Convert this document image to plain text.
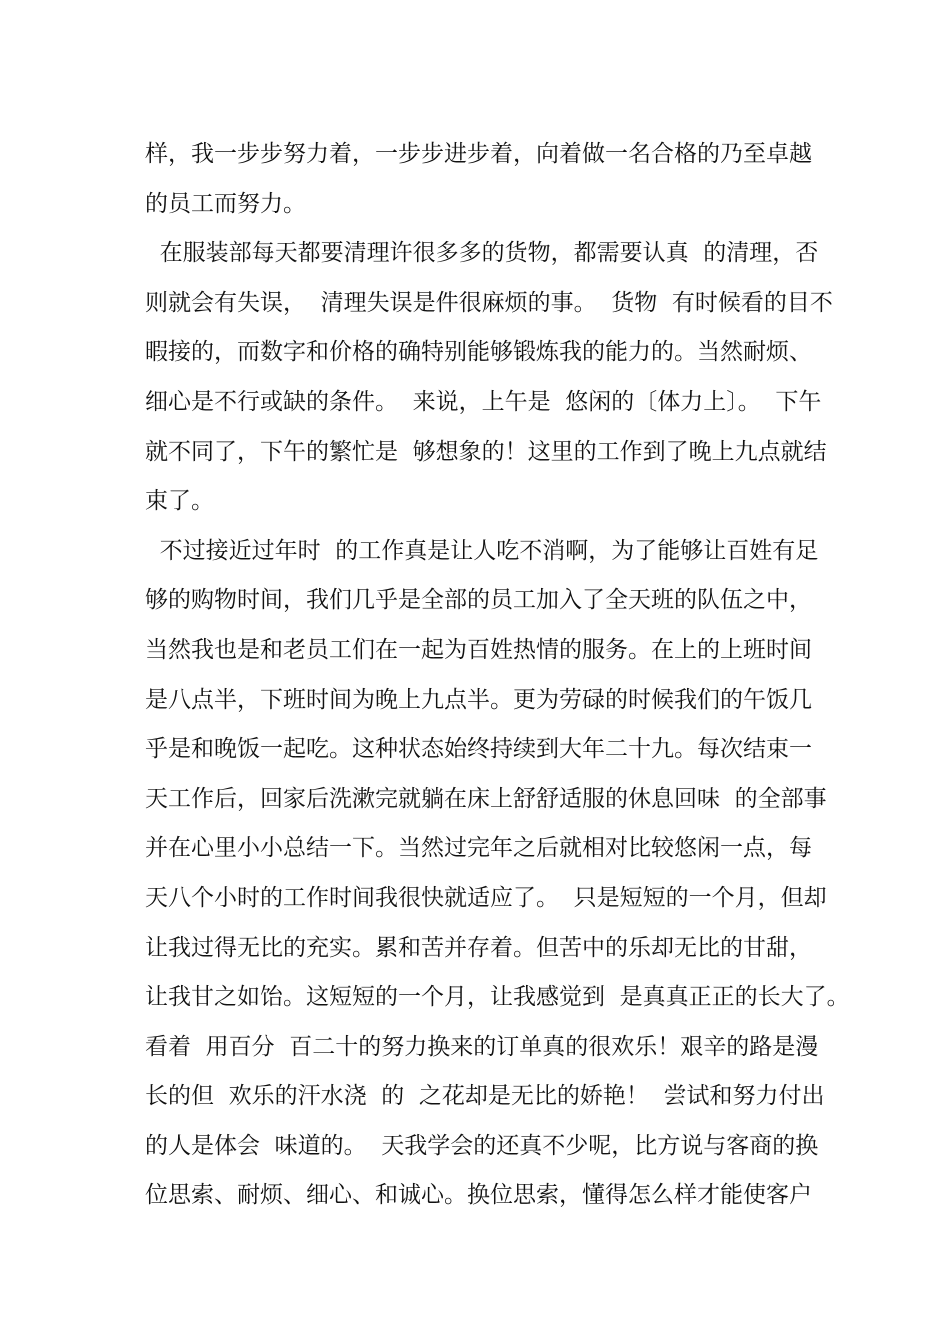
样，我一步步努力着，一步步进步着，向着做一名合格的乃至卓越
的员工而努力。
在服装部每天都要清理许很多多的货物，都需要认真  的清理，否
则就会有失误，  清理失误是件很麻烦的事。  货物  有时候看的目不
暇接的，而数字和价格的确特别能够锻炼我的能力的。当然耐烦、
细心是不行或缺的条件。  来说，上午是  悠闲的〔体力上〕。  下午
就不同了，下午的繁忙是  够想象的！这里的工作到了晚上九点就结
束了。
不过接近过年时  的工作真是让人吃不消啊，为了能够让百姓有足
够的购物时间，我们几乎是全部的员工加入了全天班的队伍之中，
当然我也是和老员工们在一起为百姓热情的服务。在上的上班时间
是八点半，下班时间为晚上九点半。更为劳碌的时候我们的午饭几
乎是和晚饭一起吃。这种状态始终持续到大年二十九。每次结束一
天工作后，回家后洗漱完就躺在床上舒舒适服的休息回味  的全部事
并在心里小小总结一下。当然过完年之后就相对比较悠闲一点，每
天八个小时的工作时间我很快就适应了。  只是短短的一个月，但却
让我过得无比的充实。累和苦并存着。但苦中的乐却无比的甘甜，
让我甘之如饴。这短短的一个月，让我感觉到  是真真正正的长大了。
看着  用百分  百二十的努力换来的订单真的很欢乐！艰辛的路是漫
长的但  欢乐的汗水浇  的  之花却是无比的娇艳！  尝试和努力付出
的人是体会  味道的。  天我学会的还真不少呢，比方说与客商的换
位思索、耐烦、细心、和诚心。换位思索，懂得怎么样才能使客户
